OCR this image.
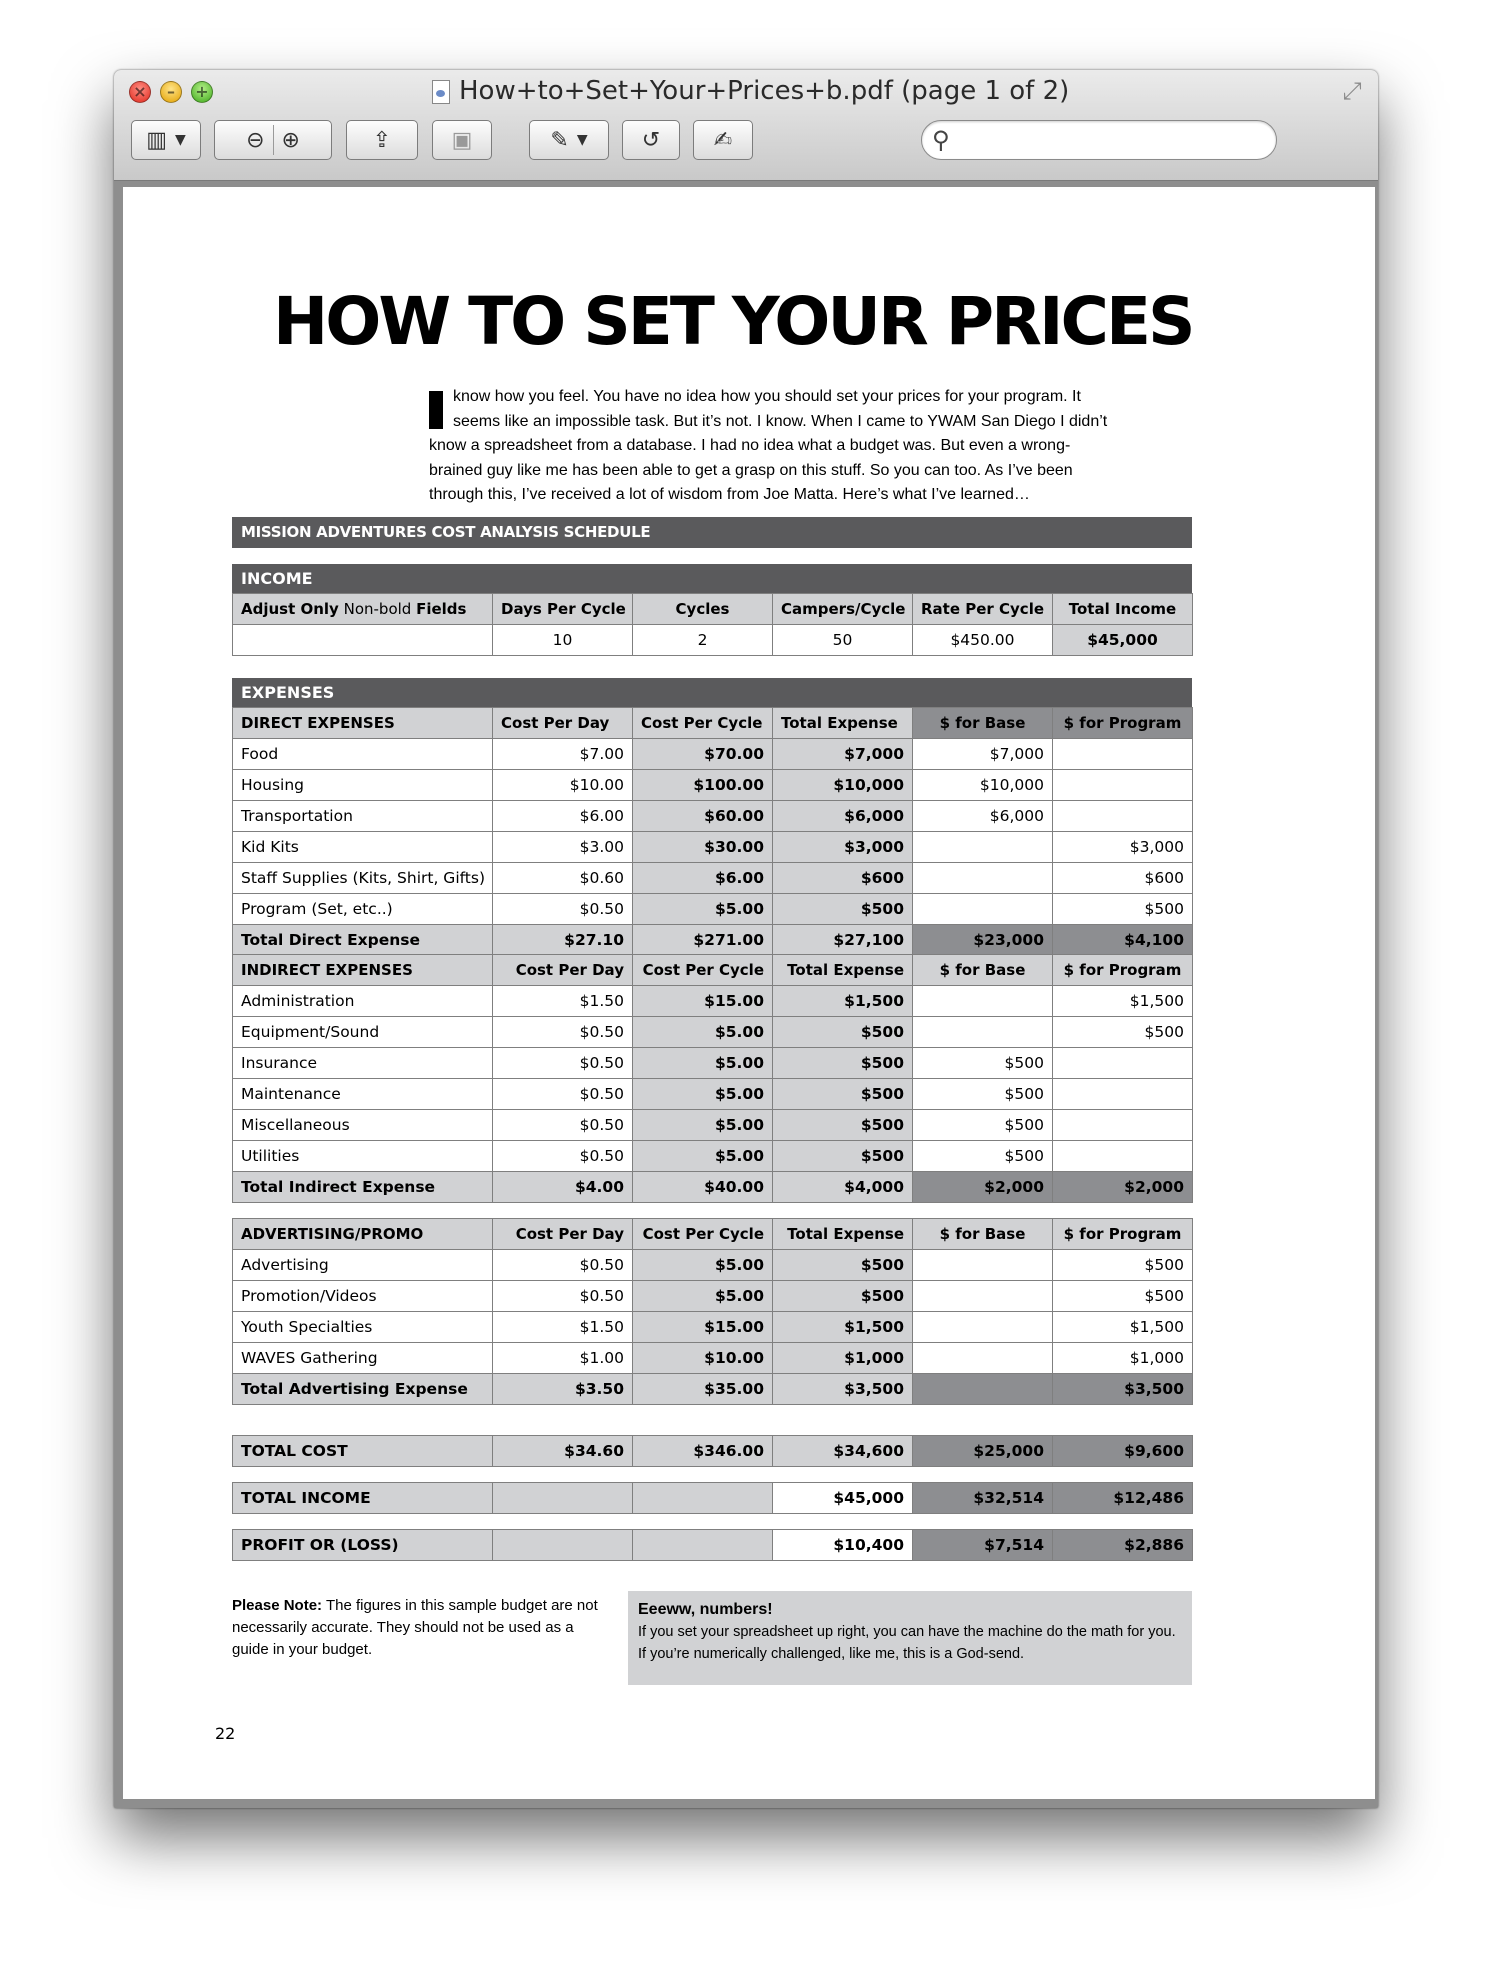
×	–	+	How+to+Set+Your+Prices+b.pdf (page 1 of 2)	⤢
▥ ▼	⊖ ⊕	⇪	▣	✎ ▼ ↺ ✍	⚲
HOW TO SET YOUR PRICES

know how you feel. You have no idea how you should set your prices for your program. It

seems like an impossible task. But it’s not. I know. When I came to YWAM San Diego I didn’t

know a spreadsheet from a database. I had no idea what a budget was. But even a wrong-

brained guy like me has been able to get a grasp on this stuff. So you can too. As I’ve been

through this, I’ve received a lot of wisdom from Joe Matta. Here’s what I’ve learned…

MISSION ADVENTURES COST ANALYSIS SCHEDULE
INCOME
Adjust Only Non-bold Fields	Days Per Cycle	Cycles	Campers/Cycle	Rate Per Cycle	Total Income
	10	2	50	$450.00	$45,000
EXPENSES
DIRECT EXPENSES	Cost Per Day	Cost Per Cycle	Total Expense	$ for Base	$ for Program
Food	$7.00	$70.00	$7,000	$7,000	
Housing	$10.00	$100.00	$10,000	$10,000	
Transportation	$6.00	$60.00	$6,000	$6,000	
Kid Kits	$3.00	$30.00	$3,000		$3,000
Staff Supplies (Kits, Shirt, Gifts)	$0.60	$6.00	$600		$600
Program (Set, etc..)	$0.50	$5.00	$500		$500
Total Direct Expense	$27.10	$271.00	$27,100	$23,000	$4,100
INDIRECT EXPENSES	Cost Per Day	Cost Per Cycle	Total Expense	$ for Base	$ for Program
Administration	$1.50	$15.00	$1,500		$1,500
Equipment/Sound	$0.50	$5.00	$500		$500
Insurance	$0.50	$5.00	$500	$500	
Maintenance	$0.50	$5.00	$500	$500	
Miscellaneous	$0.50	$5.00	$500	$500	
Utilities	$0.50	$5.00	$500	$500	
Total Indirect Expense	$4.00	$40.00	$4,000	$2,000	$2,000
ADVERTISING/PROMO	Cost Per Day	Cost Per Cycle	Total Expense	$ for Base	$ for Program
Advertising	$0.50	$5.00	$500		$500
Promotion/Videos	$0.50	$5.00	$500		$500
Youth Specialties	$1.50	$15.00	$1,500		$1,500
WAVES Gathering	$1.00	$10.00	$1,000		$1,000
Total Advertising Expense	$3.50	$35.00	$3,500		$3,500
TOTAL COST	$34.60	$346.00	$34,600	$25,000	$9,600
TOTAL INCOME			$45,000	$32,514	$12,486
PROFIT OR (LOSS)			$10,400	$7,514	$2,886
Please Note: The figures in this sample budget are not necessarily accurate. They should not be used as a guide in your budget.
Eeeww, numbers!
If you set your spreadsheet up right, you can have the machine do the math for you. If you’re numerically challenged, like me, this is a God-send.
22
